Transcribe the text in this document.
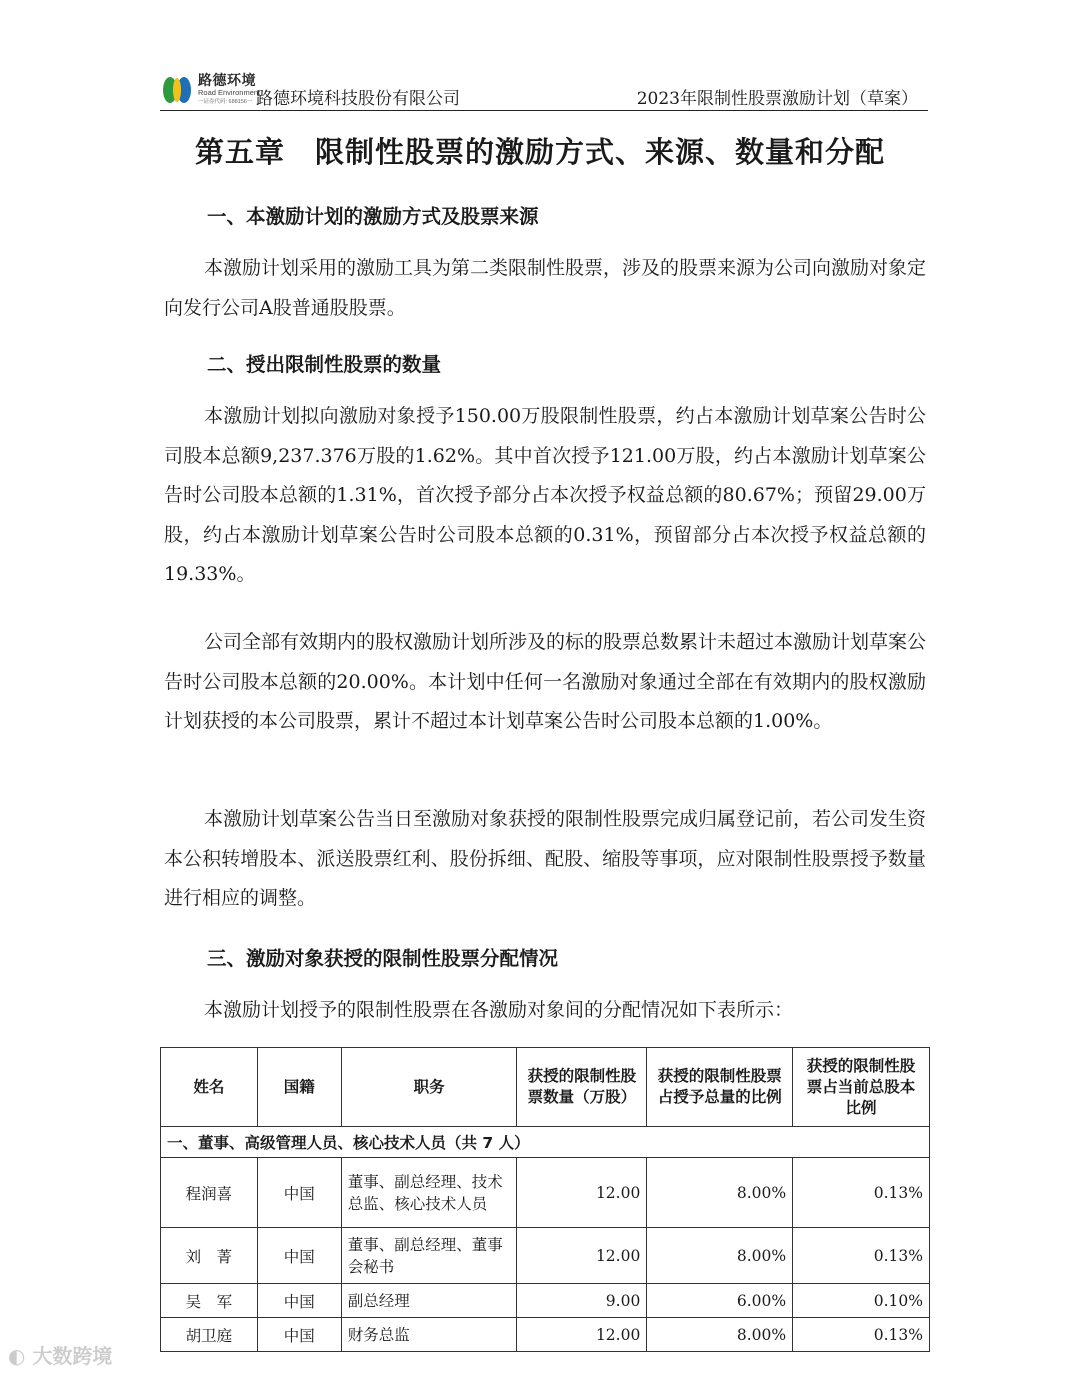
路德环境
Road Environment
一证券代码: 688156一 路德环境科技股份有限公司	2023年限制性股票激励计划（草案）
第五章　限制性股票的激励方式、来源、数量和分配
一、本激励计划的激励方式及股票来源

本激励计划采用的激励工具为第二类限制性股票，涉及的股票来源为公司向激励对象定向发行公司A股普通股股票。

二、授出限制性股票的数量

本激励计划拟向激励对象授予150.00万股限制性股票，约占本激励计划草案公告时公司股本总额9,237.376万股的1.62%。其中首次授予121.00万股，约占本激励计划草案公告时公司股本总额的1.31%，首次授予部分占本次授予权益总额的80.67%；预留29.00万股，约占本激励计划草案公告时公司股本总额的0.31%，预留部分占本次授予权益总额的19.33%。

公司全部有效期内的股权激励计划所涉及的标的股票总数累计未超过本激励计划草案公告时公司股本总额的20.00%。本计划中任何一名激励对象通过全部在有效期内的股权激励计划获授的本公司股票，累计不超过本计划草案公告时公司股本总额的1.00%。

本激励计划草案公告当日至激励对象获授的限制性股票完成归属登记前，若公司发生资本公积转增股本、派送股票红利、股份拆细、配股、缩股等事项，应对限制性股票授予数量进行相应的调整。

三、激励对象获授的限制性股票分配情况

本激励计划授予的限制性股票在各激励对象间的分配情况如下表所示：

姓名	国籍	职务	获授的限制性股票数量（万股）	获授的限制性股票占授予总量的比例	获授的限制性股票占当前总股本比例
一、董事、高级管理人员、核心技术人员（共 7 人）					
程润喜	中国	董事、副总经理、技术总监、核心技术人员	12.00	8.00%	0.13%
刘　菁	中国	董事、副总经理、董事会秘书	12.00	8.00%	0.13%
吴　军	中国	副总经理	9.00	6.00%	0.10%
胡卫庭	中国	财务总监	12.00	8.00%	0.13%
◐ 大数跨境
